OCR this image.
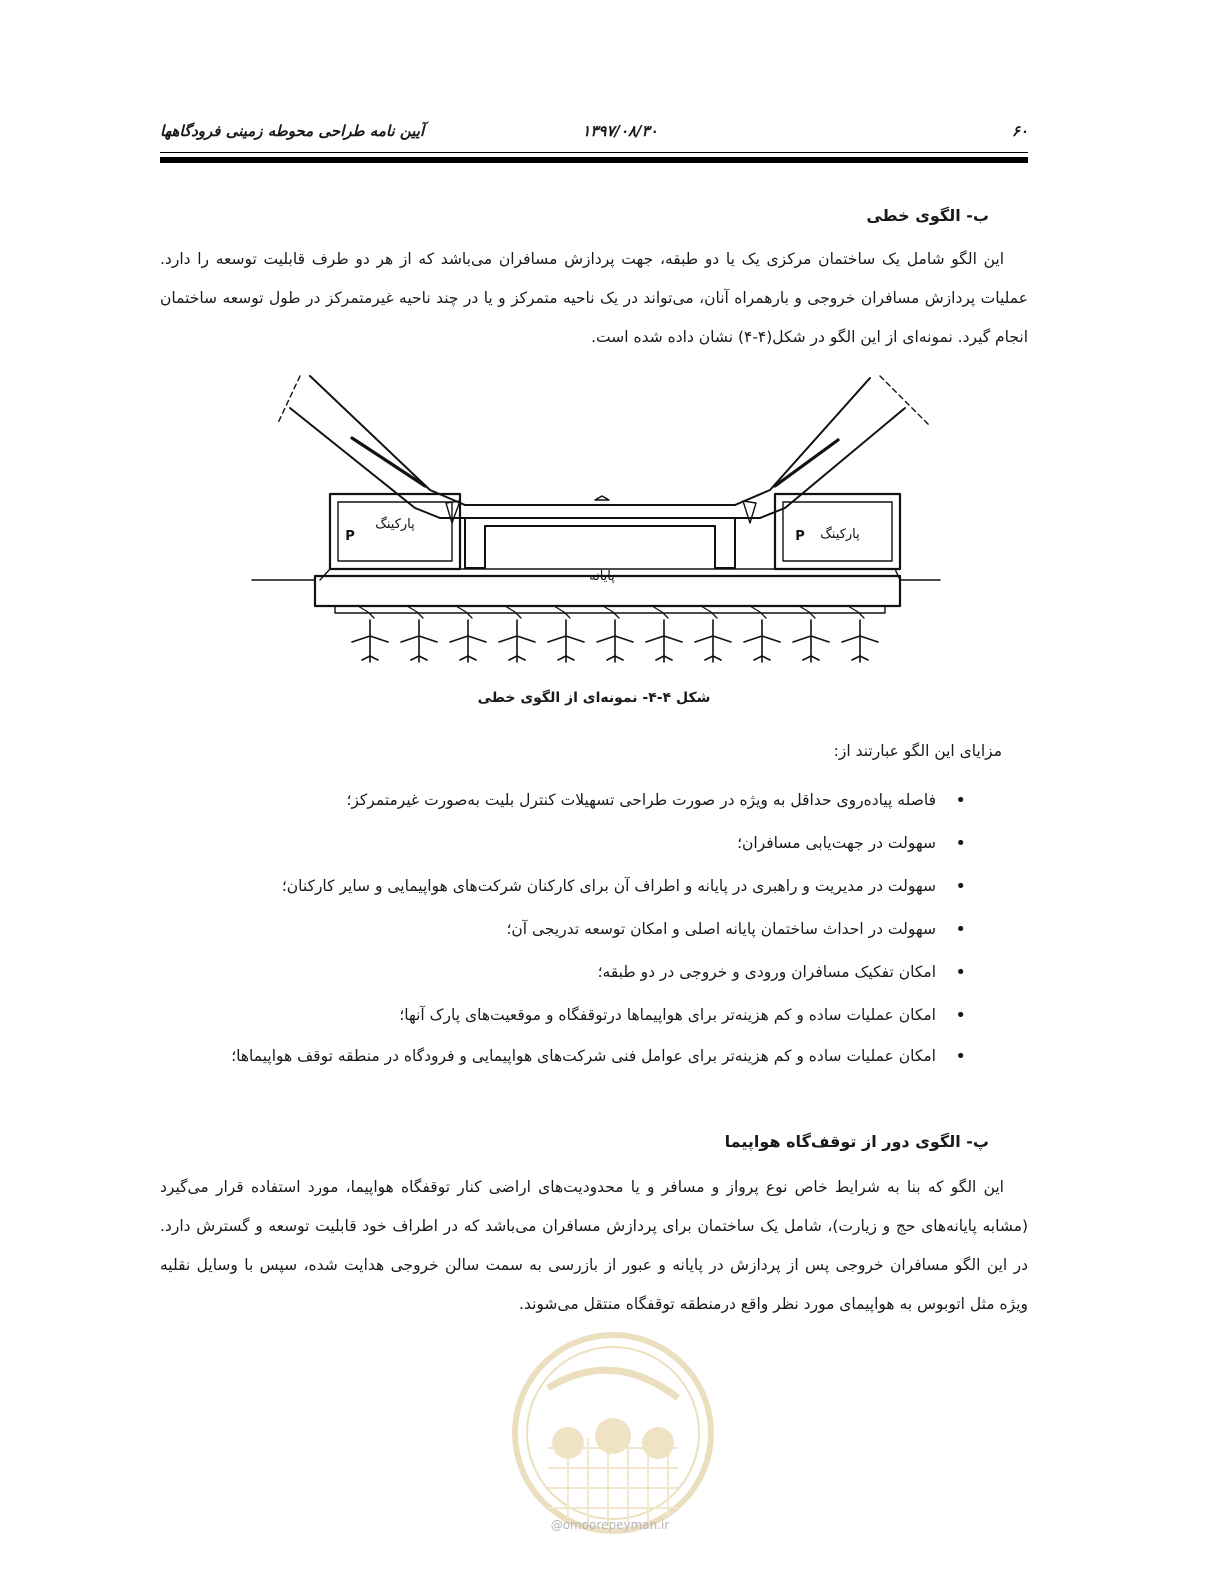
آیین نامه طراحی محوطه زمینی فرودگاهها	۱۳۹۷/۰۸/۳۰	۶۰
ب- الگوی خطی
این الگو شامل یک ساختمان مرکزی یک یا دو طبقه، جهت پردازش مسافران می‌باشد که از هر دو طرف قابلیت توسعه را دارد. عملیات پردازش مسافران خروجی و بارهمراه آنان، می‌تواند در یک ناحیه متمرکز و یا در چند ناحیه غیرمتمرکز در طول توسعه ساختمان انجام گیرد. نمونه‌ای از این الگو در شکل(۴-۴) نشان داده شده است.
پارکینگ
P	پارکینگ
P
پایانه
شکل ۴-۴- نمونه‌ای از الگوی خطی
مزایای این الگو عبارتند از:
•
فاصله پیاده‌روی حداقل به ویژه در صورت طراحی تسهیلات کنترل بلیت به‌صورت غیرمتمرکز؛
•
سهولت در جهت‌یابی مسافران؛
•
سهولت در مدیریت و راهبری در پایانه و اطراف آن برای کارکنان شرکت‌های هواپیمایی و سایر کارکنان؛
•
سهولت در احداث ساختمان پایانه اصلی و امکان توسعه تدریجی آن؛
•
امکان تفکیک مسافران ورودی و خروجی در دو طبقه؛
•
امکان عملیات ساده و کم هزینه‌تر برای هواپیماها درتوقفگاه و موقعیت‌های پارک آنها؛
•
امکان عملیات ساده و کم هزینه‌تر برای عوامل فنی شرکت‌های هواپیمایی و فرودگاه در منطقه توقف هواپیماها؛
پ- الگوی دور از توقف‌گاه هواپیما
این الگو که بنا به شرایط خاص نوع پرواز و مسافر و یا محدودیت‌های اراضی کنار توقفگاه هواپیما، مورد استفاده قرار می‌گیرد (مشابه پایانه‌های حج و زیارت)، شامل یک ساختمان برای پردازش مسافران می‌باشد که در اطراف خود قابلیت توسعه و گسترش دارد. در این الگو مسافران خروجی پس از پردازش در پایانه و عبور از بازرسی به سمت سالن خروجی هدایت شده، سپس با وسایل نقلیه ویژه مثل اتوبوس به هواپیمای مورد نظر واقع درمنطقه توقفگاه منتقل می‌شوند.
@omoorepeyman.ir
